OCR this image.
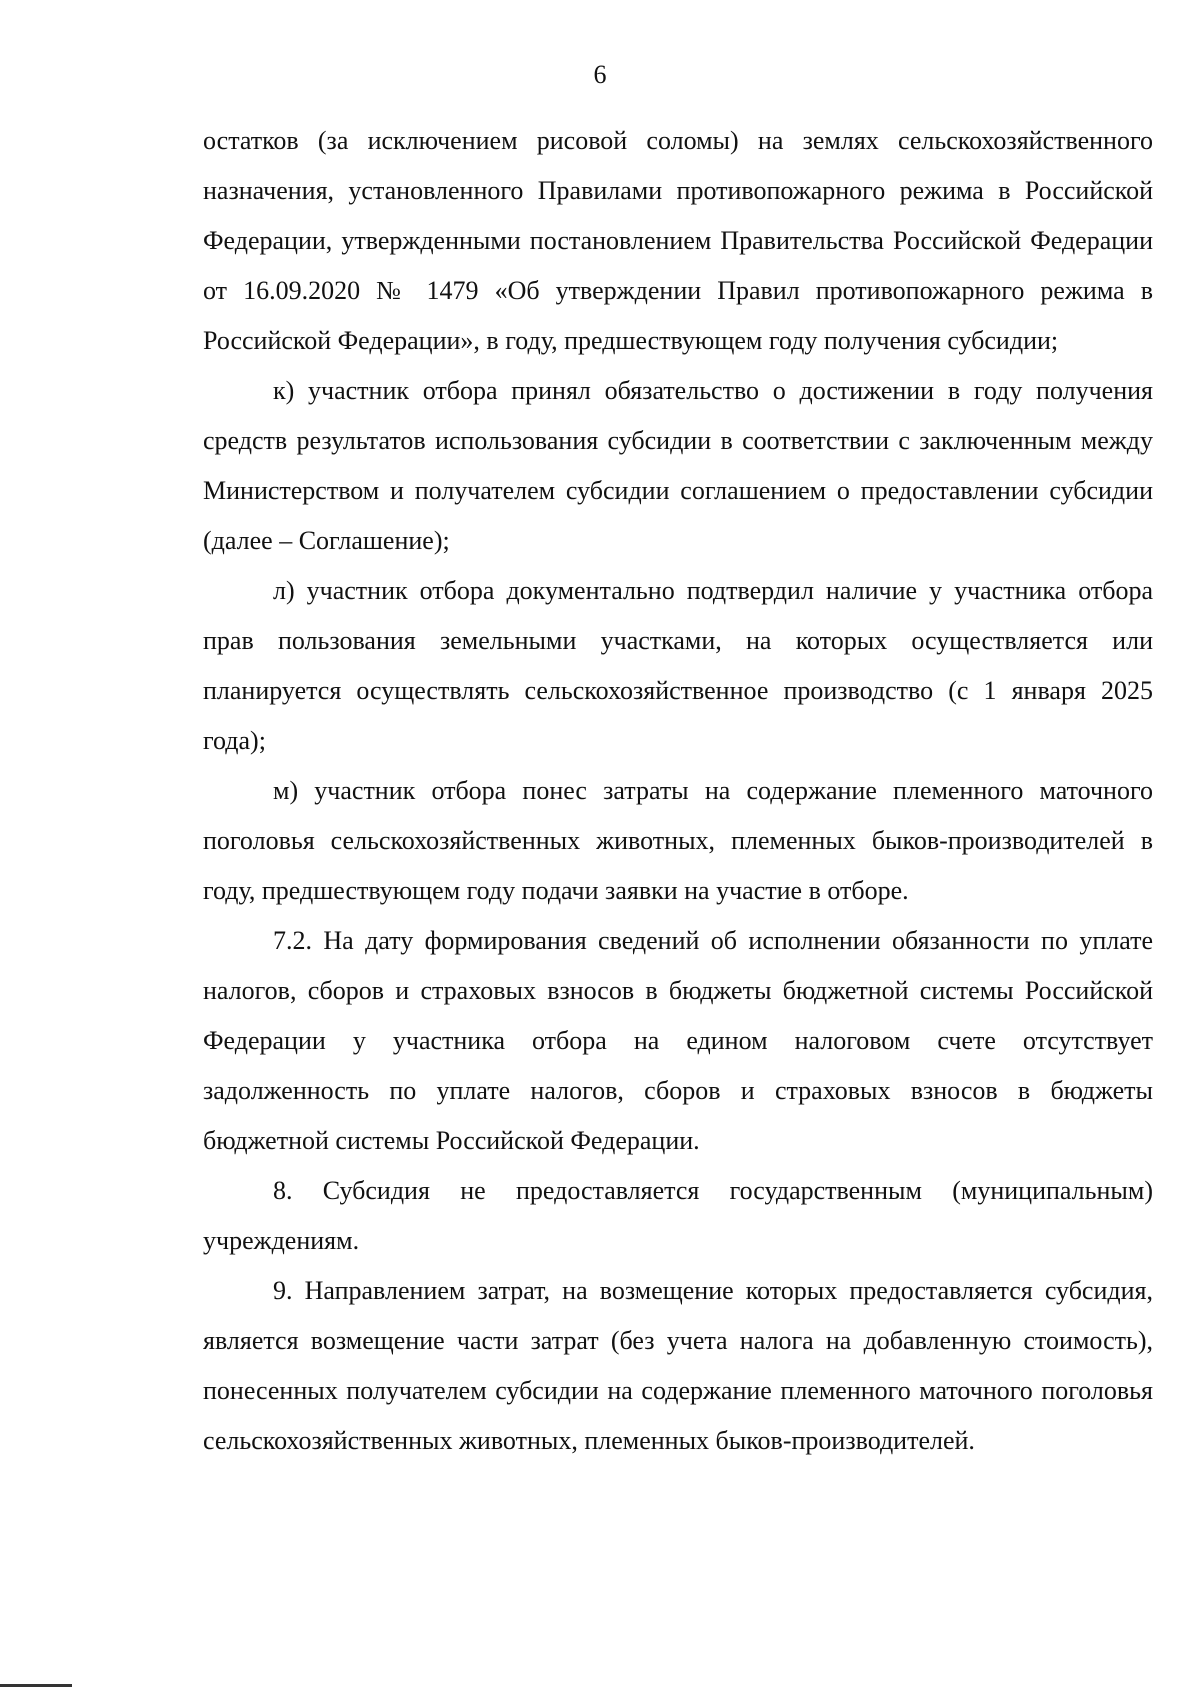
6

остатков (за исключением рисовой соломы) на землях сельскохозяйственного назначения, установленного Правилами противопожарного режима в Российской Федерации, утвержденными постановлением Правительства Российской Федерации от 16.09.2020 № 1479 «Об утверждении Правил противопожарного режима в Российской Федерации», в году, предшествующем году получения субсидии;

к) участник отбора принял обязательство о достижении в году получения средств результатов использования субсидии в соответствии с заключенным между Министерством и получателем субсидии соглашением о предоставлении субсидии (далее – Соглашение);

л) участник отбора документально подтвердил наличие у участника отбора прав пользования земельными участками, на которых осуществляется или планируется осуществлять сельскохозяйственное производство (с 1 января 2025 года);

м) участник отбора понес затраты на содержание племенного маточного поголовья сельскохозяйственных животных, племенных быков-производителей в году, предшествующем году подачи заявки на участие в отборе.

7.2. На дату формирования сведений об исполнении обязанности по уплате налогов, сборов и страховых взносов в бюджеты бюджетной системы Российской Федерации у участника отбора на едином налоговом счете отсутствует задолженность по уплате налогов, сборов и страховых взносов в бюджеты бюджетной системы Российской Федерации.

8. Субсидия не предоставляется государственным (муниципальным) учреждениям.

9. Направлением затрат, на возмещение которых предоставляется субсидия, является возмещение части затрат (без учета налога на добавленную стоимость), понесенных получателем субсидии на содержание племенного маточного поголовья сельскохозяйственных животных, племенных быков-производителей.
